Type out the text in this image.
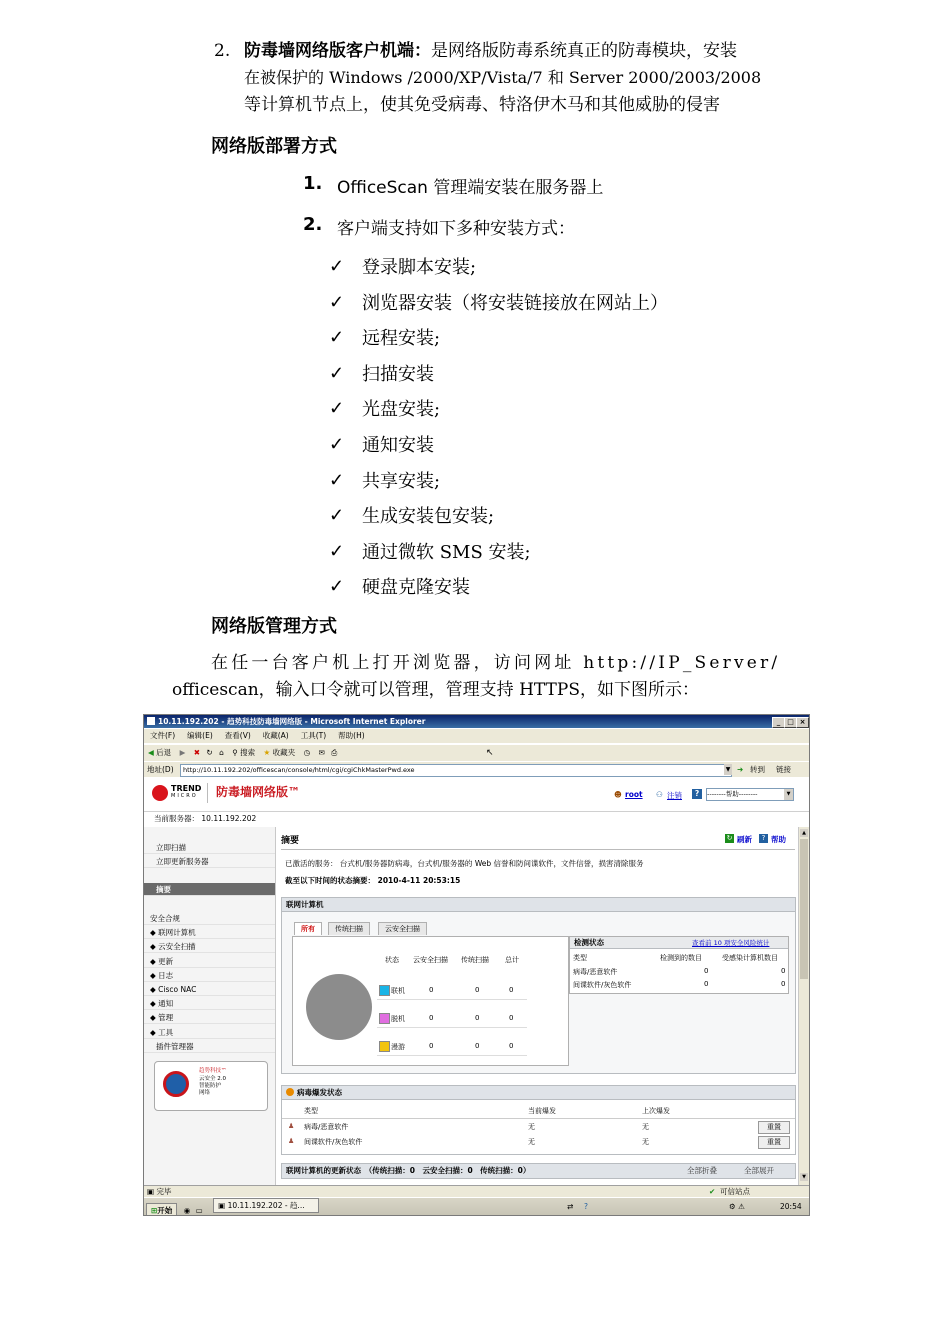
2. 防毒墙网络版客户机端：是网络版防毒系统真正的防毒模块，安装
在被保护的 Windows /2000/XP/Vista/7 和 Server 2000/2003/2008
等计算机节点上，使其免受病毒、特洛伊木马和其他威胁的侵害
网络版部署方式
1. OfficeScan 管理端安装在服务器上
2. 客户端支持如下多种安装方式：
✓ 登录脚本安装;
✓ 浏览器安装（将安装链接放在网站上）
✓ 远程安装;
✓ 扫描安装
✓ 光盘安装;
✓ 通知安装
✓ 共享安装;
✓ 生成安装包安装;
✓ 通过微软 SMS 安装;
✓ 硬盘克隆安装
网络版管理方式
在任一台客户机上打开浏览器，访问网址 http://IP_Server/
officescan，输入口令就可以管理，管理支持 HTTPS，如下图所示：
10.11.192.202 - 趋势科技防毒墙网络版 - Microsoft Internet Explorer	_ □ ×
文件(F) 编辑(E) 查看(V) 收藏(A) 工具(T) 帮助(H)
◀ 后退 ▶ ✖ ↻ ⌂ ⚲ 搜索 ★ 收藏夹 ◷ ✉ ⎙	↖
地址(D)	http://10.11.192.202/officescan/console/html/cgi/cgiChkMasterPwd.exe	▼ ➜ 转到 链接
TREND
MICRO 防毒墙网络版™	☻ root ⚇ 注销	?	--------帮助--------	▼
当前服务器： 10.11.192.202
立即扫描
立即更新服务器
摘要
安全合规
◆ 联网计算机
◆ 云安全扫描
◆ 更新
◆ 日志
◆ Cisco NAC
◆ 通知
◆ 管理
◆ 工具
插件管理器
趋势科技™
云安全 2.0
智能防护
网络
摘要	↻ 刷新	? 帮助
已激活的服务： 台式机/服务器防病毒，台式机/服务器的 Web 信誉和防间谍软件，文件信誉，损害清除服务
截至以下时间的状态摘要： 2010-4-11 20:53:15
联网计算机
所有	传统扫描	云安全扫描
状态 云安全扫描 传统扫描 总计
联机	0	0	0
脱机	0	0	0
漫游	0	0	0
检测状态	查看前 10 项安全风险统计
类型	检测到的数目	受感染计算机数目
病毒/恶意软件	0	0
间谍软件/灰色软件	0	0
病毒爆发状态
类型	当前爆发	上次爆发
♟ 病毒/恶意软件	无	无	重置
♟ 间谍软件/灰色软件	无	无	重置
联网计算机的更新状态　（传统扫描：0　云安全扫描：0　传统扫描：0）	全部折叠	全部展开
▲
▼
▣ 完毕	✔ 可信站点
⊞开始 ◉ ▭ ▣ 10.11.192.202 - 趋...	⇄ ?	⚙ ⚠	20:54
